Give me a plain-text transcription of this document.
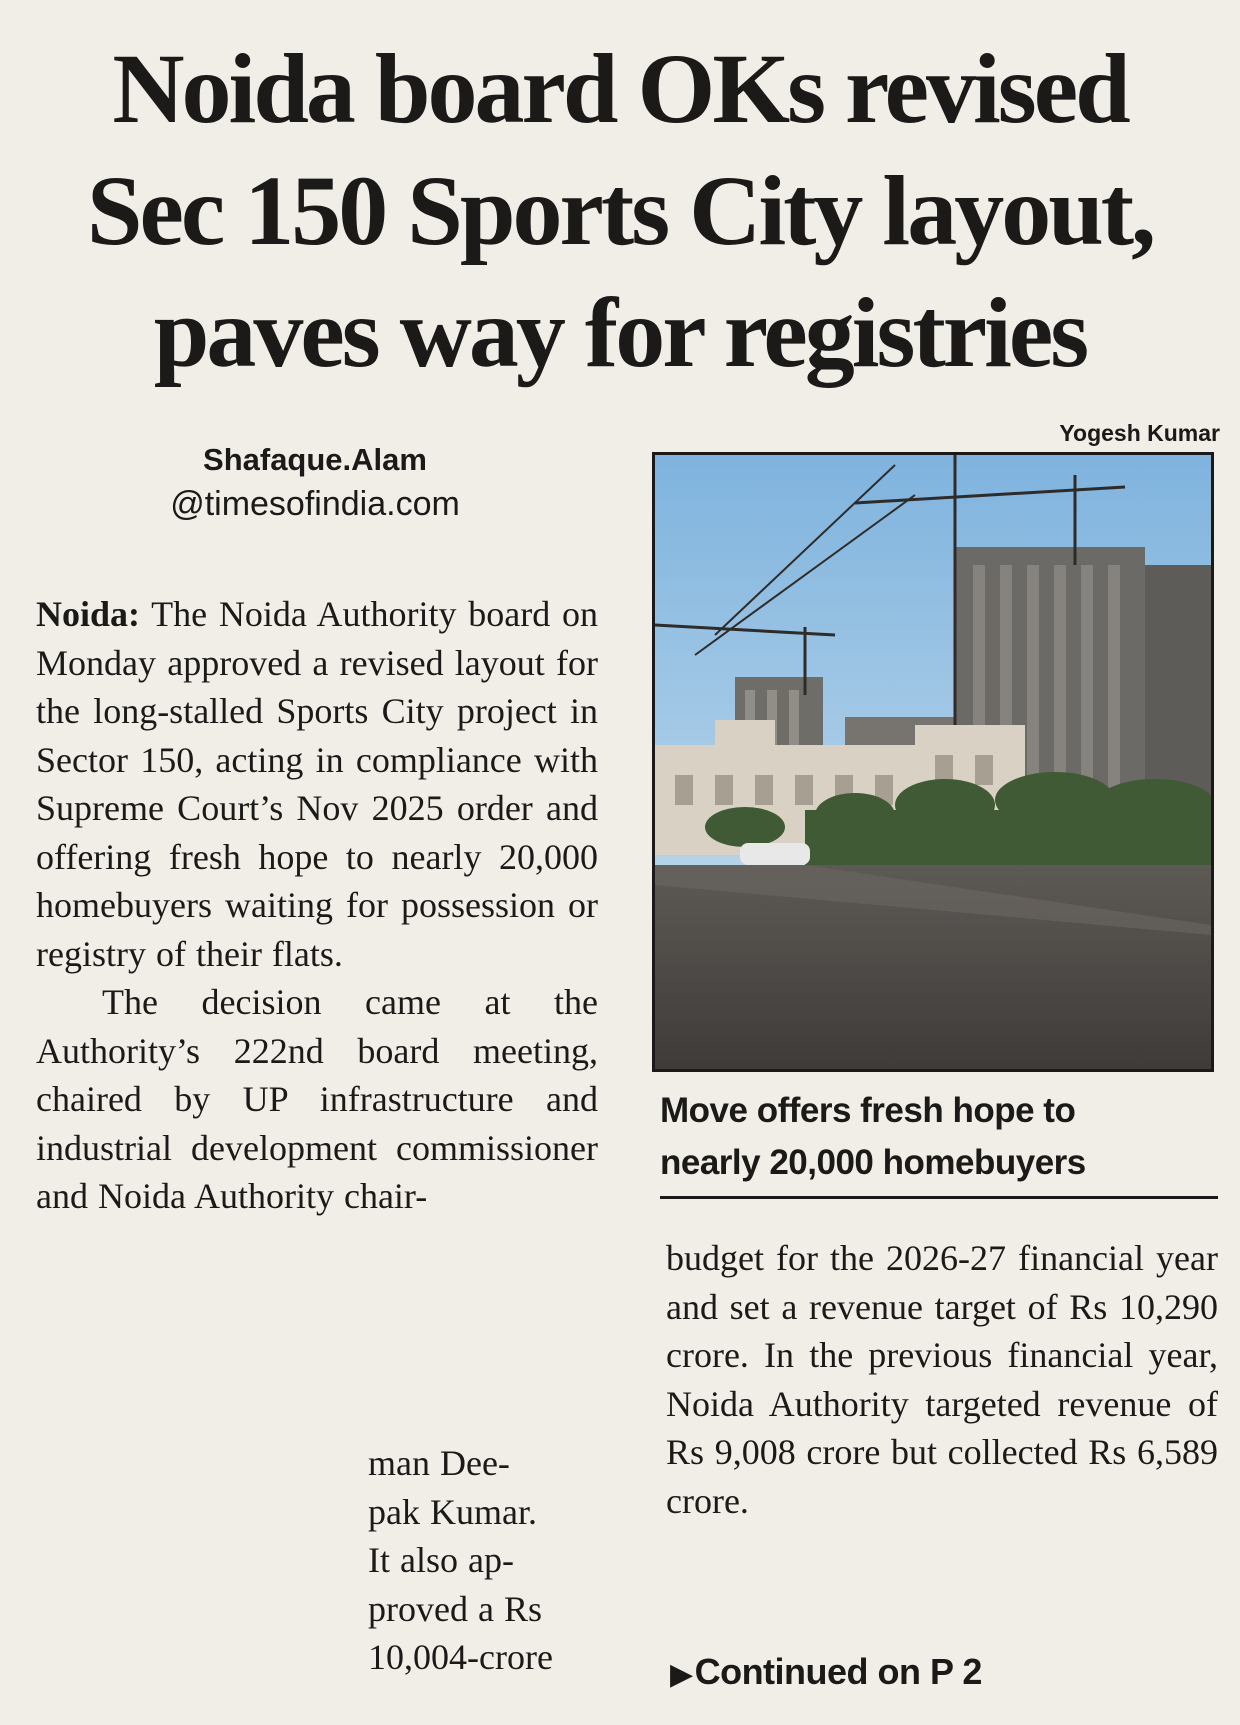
Noida board OKs revised
Sec 150 Sports City layout,
paves way for registries
Shafaque.Alam
@timesofindia.com

Noida: The Noida Authority board on Monday approved a revised layout for the long-stalled Sports City project in Sector 150, acting in compliance with Supreme Court’s Nov 2025 order and offering fresh hope to nearly 20,000 homebuyers waiting for possession or registry of their flats.

The decision came at the Authority’s 222nd board meeting, chaired by UP infrastructure and industrial development commissioner and Noida Authority chair-

man Dee-
pak Kumar.
It also ap-
proved a Rs
10,004-crore
Yogesh Kumar
Move offers fresh hope to
nearly 20,000 homebuyers

budget for the 2026-27 financial year and set a revenue target of Rs 10,290 crore. In the previous financial year, Noida Authority targeted revenue of Rs 9,008 crore but collected Rs 6,589 crore.

▶Continued on P 2
